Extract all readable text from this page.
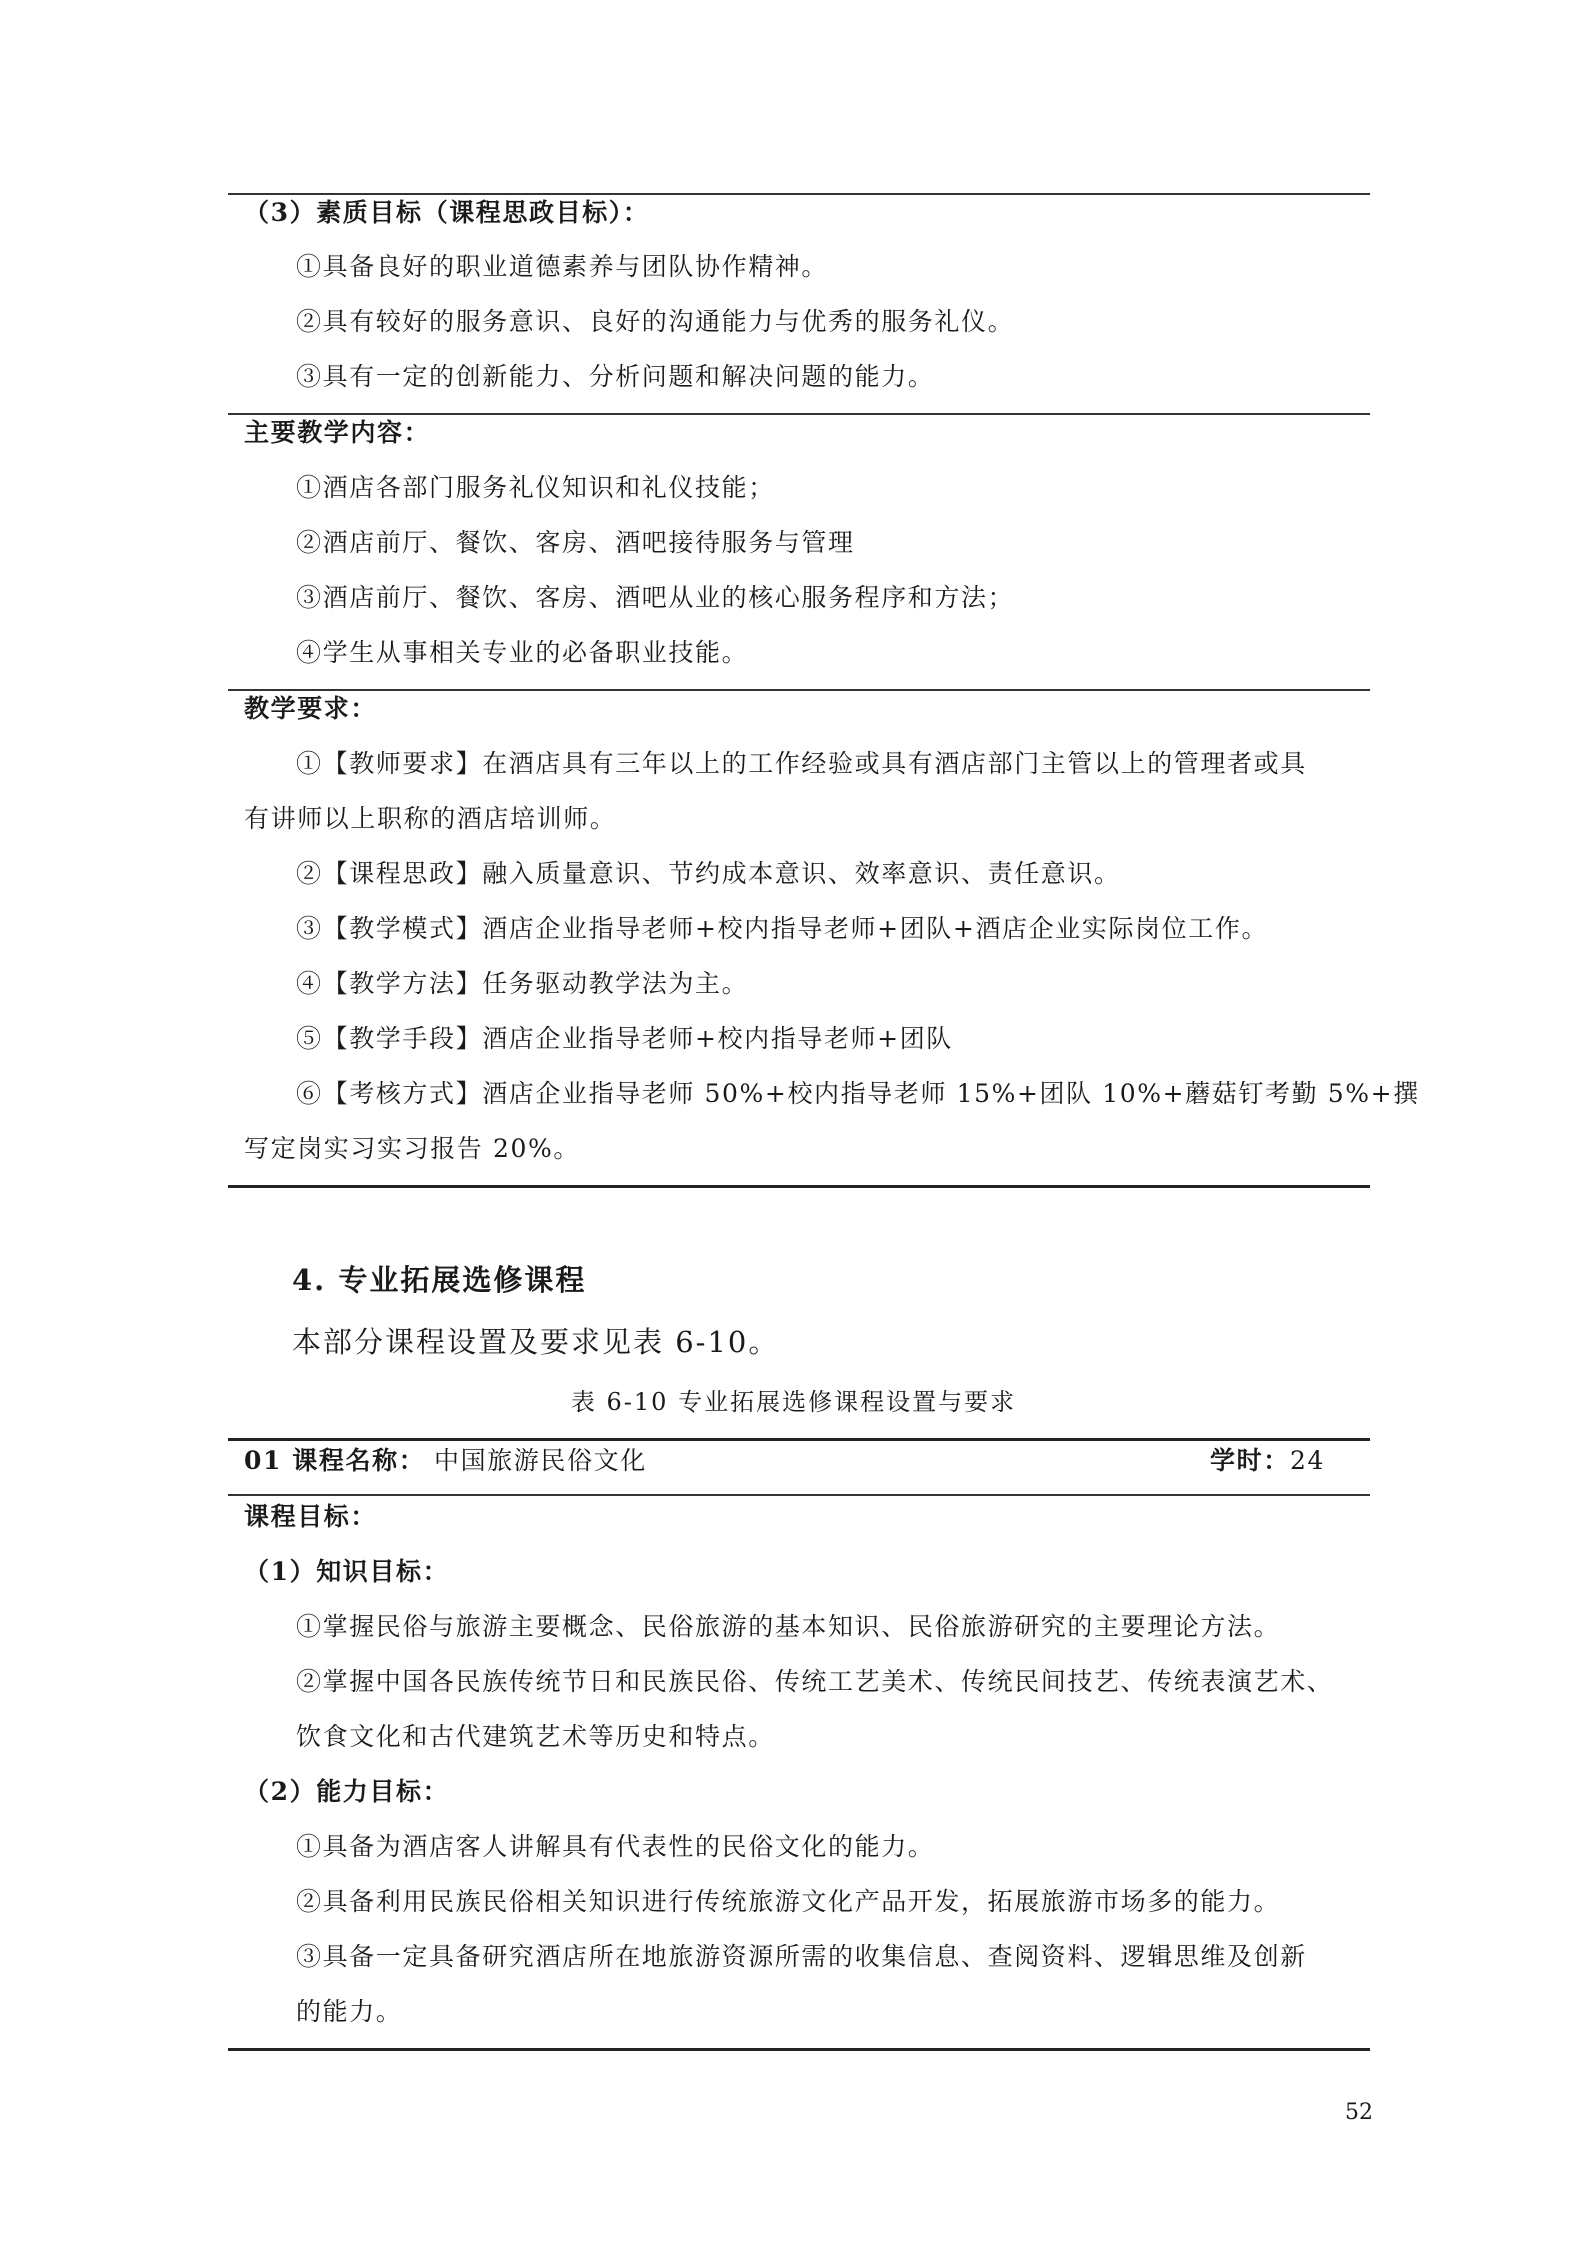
（3）素质目标（课程思政目标）：
①具备良好的职业道德素养与团队协作精神。
②具有较好的服务意识、良好的沟通能力与优秀的服务礼仪。
③具有一定的创新能力、分析问题和解决问题的能力。
主要教学内容：
①酒店各部门服务礼仪知识和礼仪技能；
②酒店前厅、餐饮、客房、酒吧接待服务与管理
③酒店前厅、餐饮、客房、酒吧从业的核心服务程序和方法；
④学生从事相关专业的必备职业技能。
教学要求：
①【教师要求】在酒店具有三年以上的工作经验或具有酒店部门主管以上的管理者或具
有讲师以上职称的酒店培训师。
②【课程思政】融入质量意识、节约成本意识、效率意识、责任意识。
③【教学模式】酒店企业指导老师+校内指导老师+团队+酒店企业实际岗位工作。
④【教学方法】任务驱动教学法为主。
⑤【教学手段】酒店企业指导老师+校内指导老师+团队
⑥【考核方式】酒店企业指导老师 50%+校内指导老师 15%+团队 10%+蘑菇钉考勤 5%+撰
写定岗实习实习报告 20%。
4. 专业拓展选修课程
本部分课程设置及要求见表 6-10。
表 6-10 专业拓展选修课程设置与要求
01 课程名称： 中国旅游民俗文化	学时： 24
课程目标：
（1）知识目标：
①掌握民俗与旅游主要概念、民俗旅游的基本知识、民俗旅游研究的主要理论方法。
②掌握中国各民族传统节日和民族民俗、传统工艺美术、传统民间技艺、传统表演艺术、
饮食文化和古代建筑艺术等历史和特点。
（2）能力目标：
①具备为酒店客人讲解具有代表性的民俗文化的能力。
②具备利用民族民俗相关知识进行传统旅游文化产品开发，拓展旅游市场多的能力。
③具备一定具备研究酒店所在地旅游资源所需的收集信息、查阅资料、逻辑思维及创新
的能力。
52
